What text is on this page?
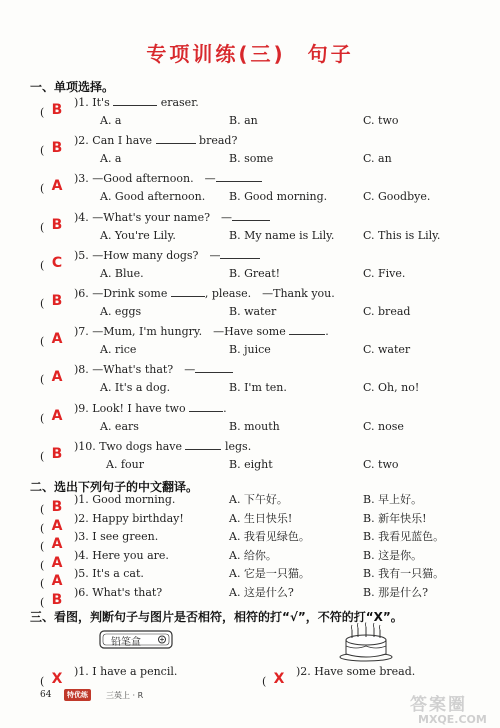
专项训练(三) 句子
一、单项选择。
二、选出下列句子的中文翻译。
三、看图，判断句子与图片是否相符，相符的打“√”，不符的打“X”。
( B )1. It's	eraser.
A. a	B. an	C. two
( B )2. Can I have	bread?
A. a	B. some	C. an
( A )3. —Good afternoon.　—
A. Good afternoon. B. Good morning.	C. Goodbye.
( B )4. —What's your name?　—
A. You're Lily.	B. My name is Lily.	C. This is Lily.
( C )5. —How many dogs?　—
A. Blue.	B. Great!	C. Five.
( B )6. —Drink some	, please.　—Thank you.
A. eggs	B. water	C. bread
( A )7. —Mum, I'm hungry.　—Have some	.
A. rice	B. juice	C. water
( A )8. —What's that?　—
A. It's a dog.	B. I'm ten.	C. Oh, no!
( A )9. Look! I have two	.
A. ears	B. mouth	C. nose
( B )10. Two dogs have	legs.
A. four	B. eight	C. two
( B )1. Good morning.	A. 下午好。	B. 早上好。
( A )2. Happy birthday!	A. 生日快乐!	B. 新年快乐!
( A )3. I see green.	A. 我看见绿色。	B. 我看见蓝色。
( A )4. Here you are.	A. 给你。	B. 这是你。
( A )5. It's a cat.	A. 它是一只猫。	B. 我有一只猫。
( B )6. What's that?	A. 这是什么?	B. 那是什么?
( X )1. I have a pencil.
( X )2. Have some bread.
铅笔盒
64	特优练	三英上 · R	答案圈
MXQE.COM
